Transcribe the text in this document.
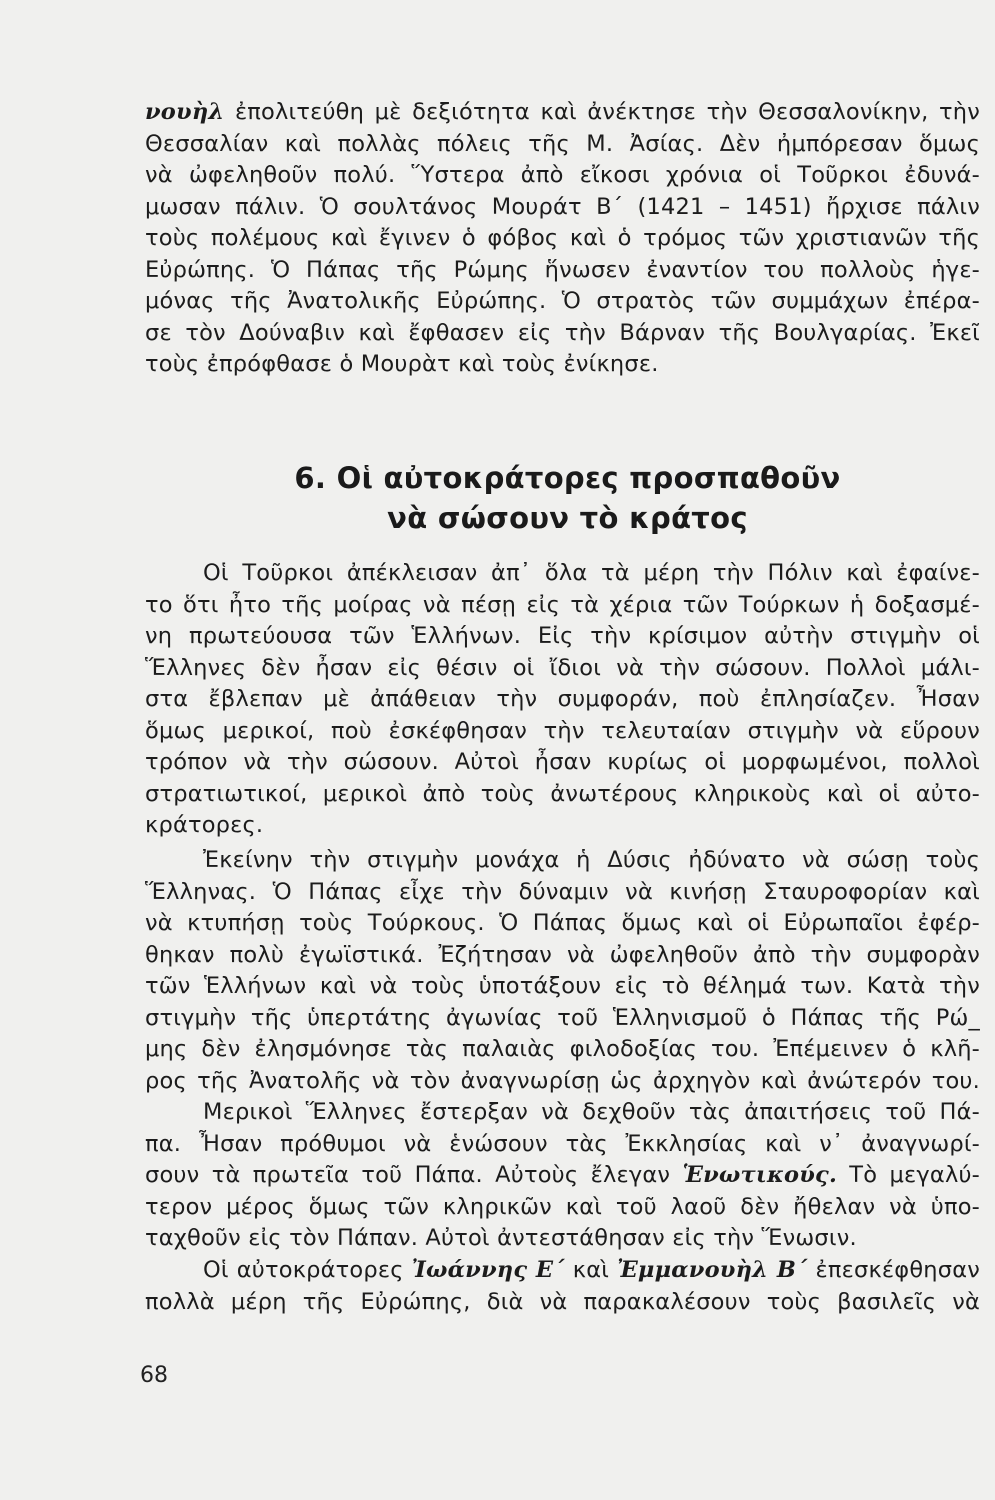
νουὴλ ἐπολιτεύθη μὲ δεξιότητα καὶ ἀνέκτησε τὴν Θεσσαλονίκην, τὴν
Θεσσαλίαν καὶ πολλὰς πόλεις τῆς Μ. Ἀσίας. Δὲν ἠμπόρεσαν ὅμως
νὰ ὠφεληθοῦν πολύ. Ὕστερα ἀπὸ εἴκοσι χρόνια οἱ Τοῦρκοι ἐδυνά-
μωσαν πάλιν. Ὁ σουλτάνος Μουράτ Β΄ (1421 – 1451) ἤρχισε πάλιν
τοὺς πολέμους καὶ ἔγινεν ὁ φόβος καὶ ὁ τρόμος τῶν χριστιανῶν τῆς
Εὐρώπης. Ὁ Πάπας τῆς Ρώμης ἥνωσεν ἐναντίον του πολλοὺς ἡγε-
μόνας τῆς Ἀνατολικῆς Εὐρώπης. Ὁ στρατὸς τῶν συμμάχων ἐπέρα-
σε τὸν Δούναβιν καὶ ἔφθασεν εἰς τὴν Βάρναν τῆς Βουλγαρίας. Ἐκεῖ
τοὺς ἐπρόφθασε ὁ Μουρὰτ καὶ τοὺς ἐνίκησε.
6. Οἱ αὐτοκράτορες προσπαθοῦν
νὰ σώσουν τὸ κράτος
Οἱ Τοῦρκοι ἀπέκλεισαν ἀπ᾿ ὅλα τὰ μέρη τὴν Πόλιν καὶ ἐφαίνε-
το ὅτι ἦτο τῆς μοίρας νὰ πέσῃ εἰς τὰ χέρια τῶν Τούρκων ἡ δοξασμέ-
νη πρωτεύουσα τῶν Ἑλλήνων. Εἰς τὴν κρίσιμον αὐτὴν στιγμὴν οἱ
Ἕλληνες δὲν ἦσαν εἰς θέσιν οἱ ἴδιοι νὰ τὴν σώσουν. Πολλοὶ μάλι-
στα ἔβλεπαν μὲ ἀπάθειαν τὴν συμφοράν, ποὺ ἐπλησίαζεν. Ἦσαν
ὅμως μερικοί, ποὺ ἐσκέφθησαν τὴν τελευταίαν στιγμὴν νὰ εὕρουν
τρόπον νὰ τὴν σώσουν. Αὐτοὶ ἦσαν κυρίως οἱ μορφωμένοι, πολλοὶ
στρατιωτικοί, μερικοὶ ἀπὸ τοὺς ἀνωτέρους κληρικοὺς καὶ οἱ αὐτο-
κράτορες.
Ἐκείνην τὴν στιγμὴν μονάχα ἡ Δύσις ἠδύνατο νὰ σώσῃ τοὺς
Ἕλληνας. Ὁ Πάπας εἶχε τὴν δύναμιν νὰ κινήσῃ Σταυροφορίαν καὶ
νὰ κτυπήσῃ τοὺς Τούρκους. Ὁ Πάπας ὅμως καὶ οἱ Εὐρωπαῖοι ἐφέρ-
θηκαν πολὺ ἐγωϊστικά. Ἐζήτησαν νὰ ὠφεληθοῦν ἀπὸ τὴν συμφορὰν
τῶν Ἑλλήνων καὶ νὰ τοὺς ὑποτάξουν εἰς τὸ θέλημά των. Κατὰ τὴν
στιγμὴν τῆς ὑπερτάτης ἀγωνίας τοῦ Ἑλληνισμοῦ ὁ Πάπας τῆς Ρώ_
μης δὲν ἐλησμόνησε τὰς παλαιὰς φιλοδοξίας του. Ἐπέμεινεν ὁ κλῆ-
ρος τῆς Ἀνατολῆς νὰ τὸν ἀναγνωρίσῃ ὡς ἀρχηγὸν καὶ ἀνώτερόν του.
Μερικοὶ Ἕλληνες ἔστερξαν νὰ δεχθοῦν τὰς ἀπαιτήσεις τοῦ Πά-
πα. Ἦσαν πρόθυμοι νὰ ἑνώσουν τὰς Ἐκκλησίας καὶ ν᾿ ἀναγνωρί-
σουν τὰ πρωτεῖα τοῦ Πάπα. Αὐτοὺς ἔλεγαν Ἑνωτικούς. Τὸ μεγαλύ-
τερον μέρος ὅμως τῶν κληρικῶν καὶ τοῦ λαοῦ δὲν ἤθελαν νὰ ὑπο-
ταχθοῦν εἰς τὸν Πάπαν. Αὐτοὶ ἀντεστάθησαν εἰς τὴν Ἕνωσιν.
Οἱ αὐτοκράτορες Ἰωάννης Ε΄ καὶ Ἐμμανουὴλ Β΄ ἐπεσκέφθησαν
πολλὰ μέρη τῆς Εὐρώπης, διὰ νὰ παρακαλέσουν τοὺς βασιλεῖς νὰ
68
